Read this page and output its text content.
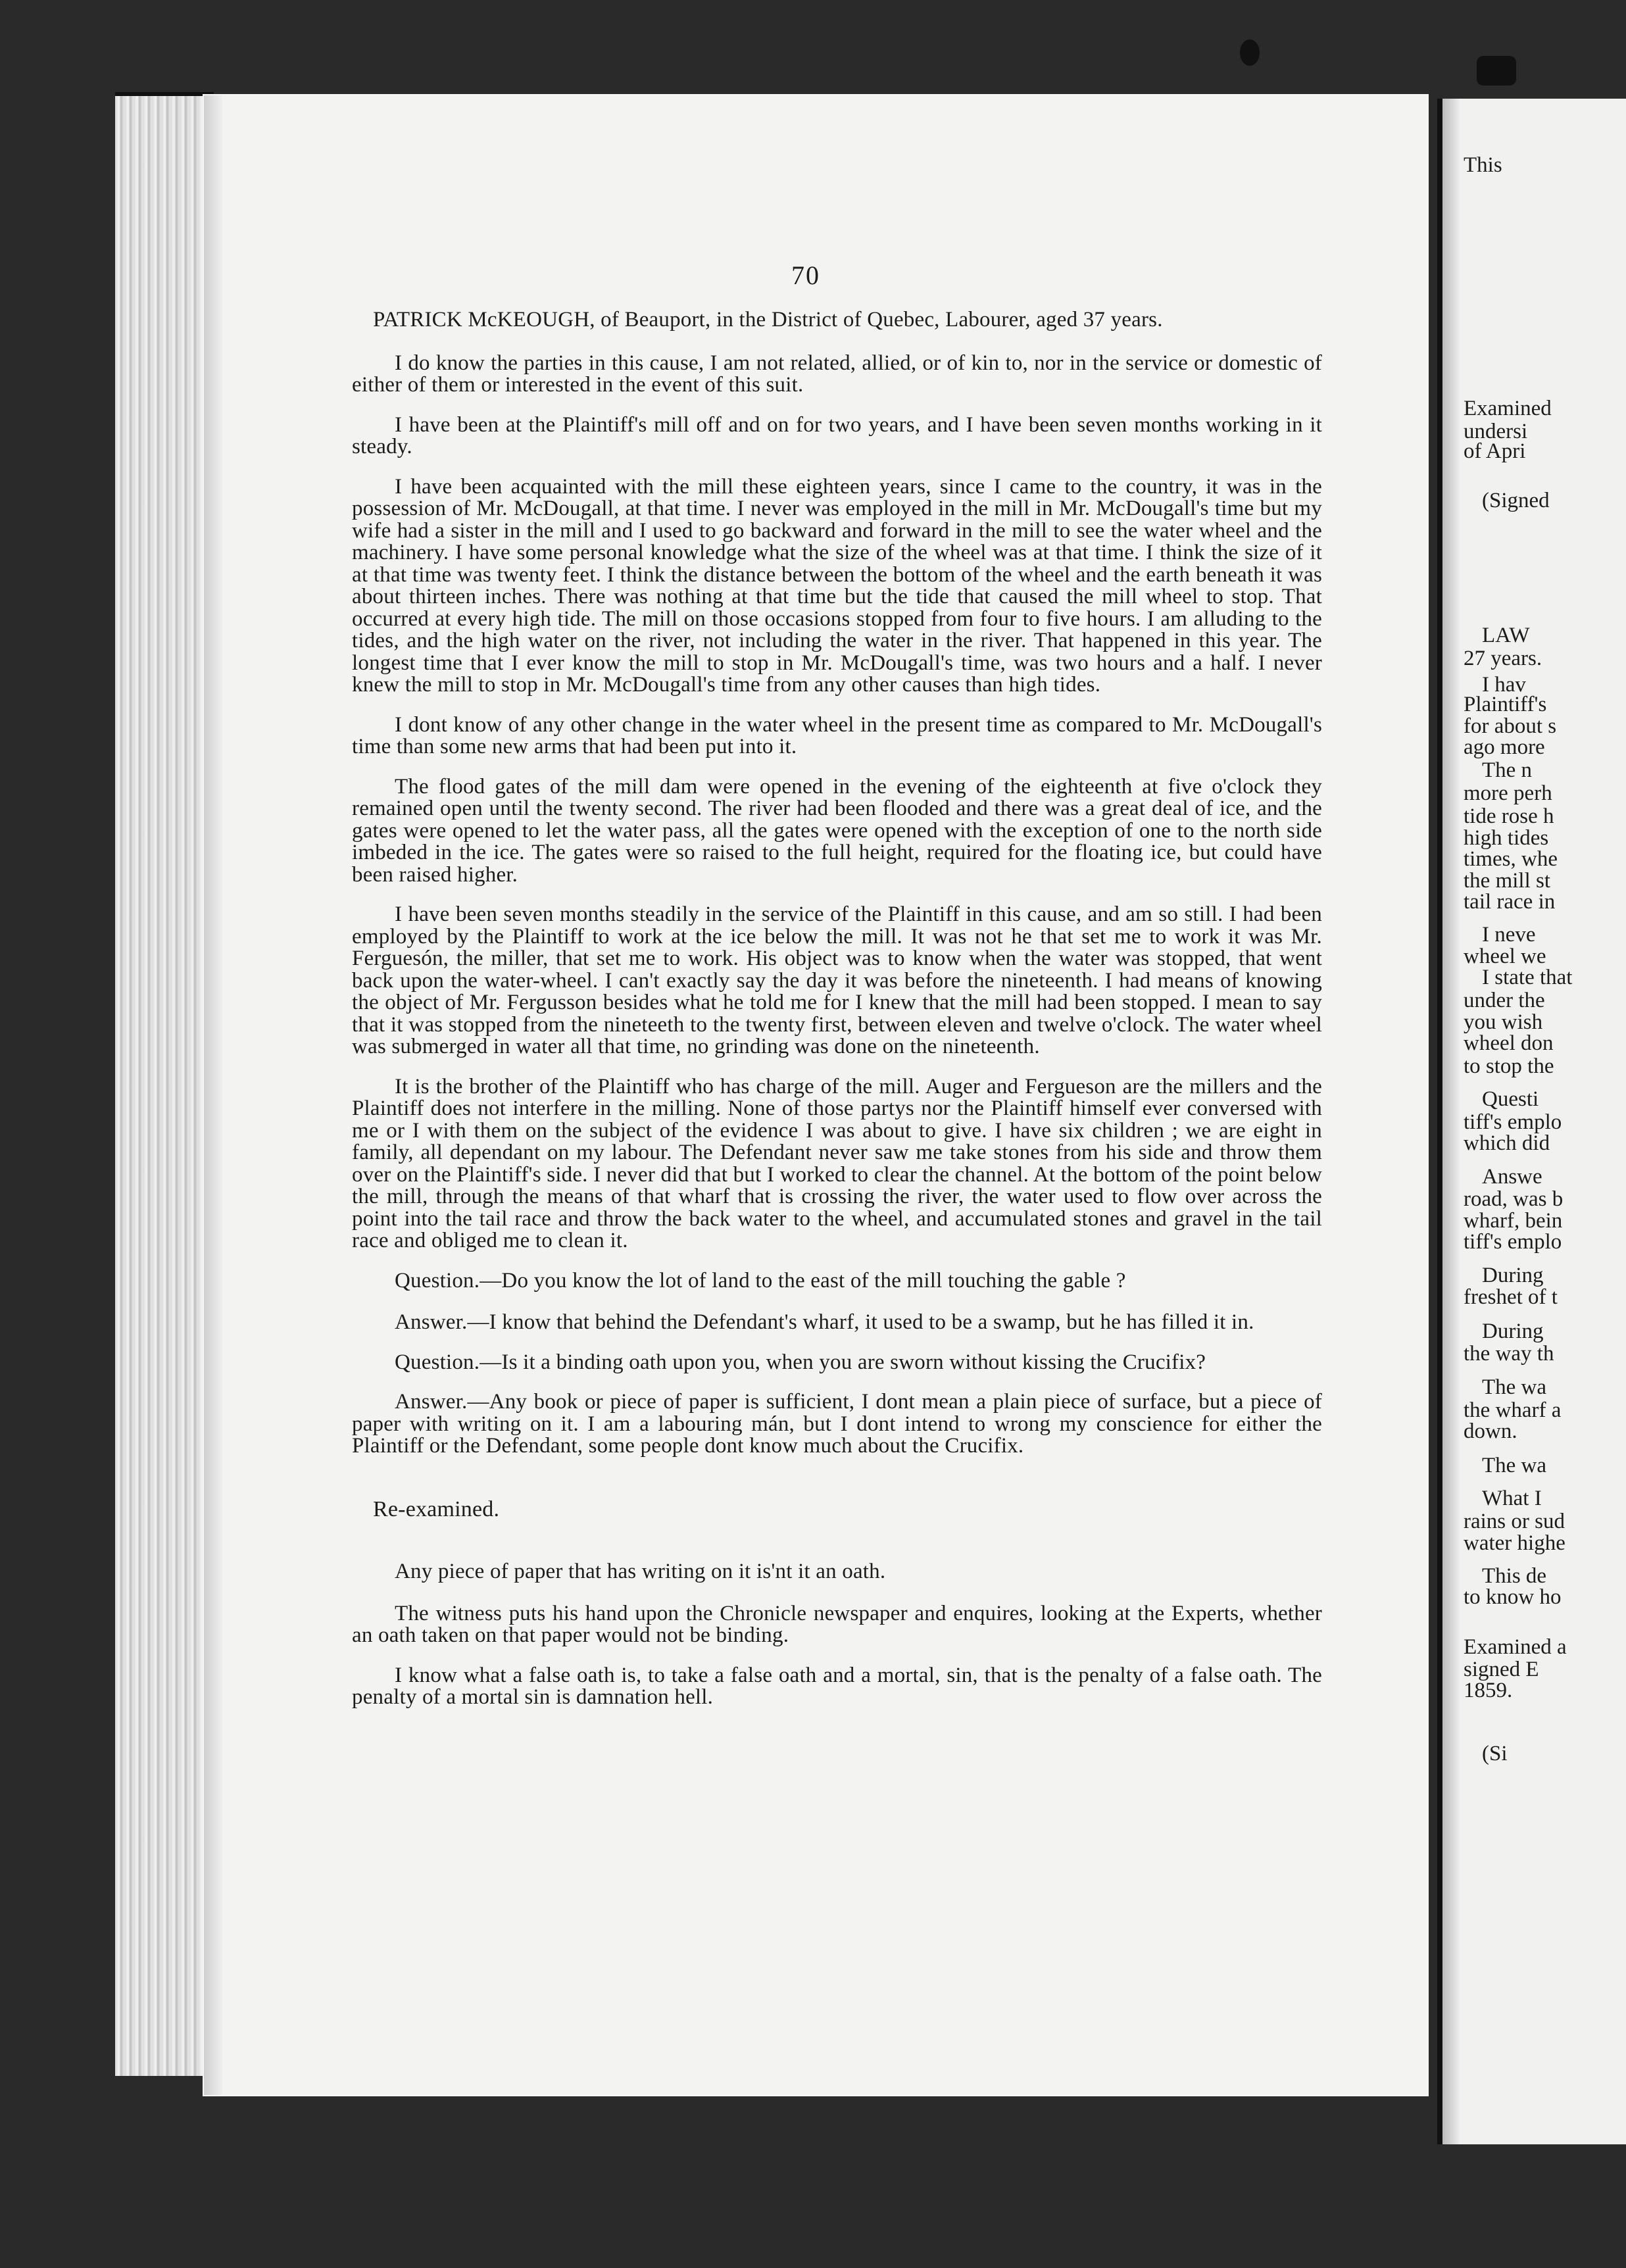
This
Examined
undersi
of Apri
(Signed
LAW
27 years.
I hav
Plaintiff's
for about s
ago more
The n
more perh
tide rose h
high tides
times, whe
the mill st
tail race in
I neve
wheel we
I state that
under the
you wish
wheel don
to stop the
Questi
tiff's emplo
which did
Answe
road, was b
wharf, bein
tiff's emplo
During
freshet of t
During
the way th
The wa
the wharf a
down.
The wa
What I
rains or sud
water highe
This de
to know ho
Examined a
signed E
1859.
(Si
70

PATRICK McKEOUGH, of Beauport, in the District of Quebec, Labourer, aged 37 years.

I do know the parties in this cause, I am not related, allied, or of kin to, nor in the service or domestic of either of them or interested in the event of this suit.

I have been at the Plaintiff's mill off and on for two years, and I have been seven months working in it steady.

I have been acquainted with the mill these eighteen years, since I came to the country, it was in the possession of Mr. McDougall, at that time. I never was employed in the mill in Mr. McDougall's time but my wife had a sister in the mill and I used to go backward and forward in the mill to see the water wheel and the machinery. I have some personal knowledge what the size of the wheel was at that time. I think the size of it at that time was twenty feet. I think the distance between the bottom of the wheel and the earth beneath it was about thirteen inches. There was nothing at that time but the tide that caused the mill wheel to stop. That occurred at every high tide. The mill on those occasions stopped from four to five hours. I am alluding to the tides, and the high water on the river, not including the water in the river. That happened in this year. The longest time that I ever know the mill to stop in Mr. McDougall's time, was two hours and a half. I never knew the mill to stop in Mr. McDougall's time from any other causes than high tides.

I dont know of any other change in the water wheel in the present time as compared to Mr. McDougall's time than some new arms that had been put into it.

The flood gates of the mill dam were opened in the evening of the eighteenth at five o'clock they remained open until the twenty second. The river had been flooded and there was a great deal of ice, and the gates were opened to let the water pass, all the gates were opened with the exception of one to the north side imbeded in the ice. The gates were so raised to the full height, required for the floating ice, but could have been raised higher.

I have been seven months steadily in the service of the Plaintiff in this cause, and am so still. I had been employed by the Plaintiff to work at the ice below the mill. It was not he that set me to work it was Mr. Ferguesón, the miller, that set me to work. His object was to know when the water was stopped, that went back upon the water-wheel. I can't exactly say the day it was before the nineteenth. I had means of knowing the object of Mr. Fergusson besides what he told me for I knew that the mill had been stopped. I mean to say that it was stopped from the nineteeth to the twenty first, between eleven and twelve o'clock. The water wheel was submerged in water all that time, no grinding was done on the nineteenth.

It is the brother of the Plaintiff who has charge of the mill. Auger and Fergueson are the millers and the Plaintiff does not interfere in the milling. None of those partys nor the Plaintiff himself ever conversed with me or I with them on the subject of the evidence I was about to give. I have six children ; we are eight in family, all dependant on my labour. The Defendant never saw me take stones from his side and throw them over on the Plaintiff's side. I never did that but I worked to clear the channel. At the bottom of the point below the mill, through the means of that wharf that is crossing the river, the water used to flow over across the point into the tail race and throw the back water to the wheel, and accumulated stones and gravel in the tail race and obliged me to clean it.

Question.—Do you know the lot of land to the east of the mill touching the gable ?

Answer.—I know that behind the Defendant's wharf, it used to be a swamp, but he has filled it in.

Question.—Is it a binding oath upon you, when you are sworn without kissing the Crucifix?

Answer.—Any book or piece of paper is sufficient, I dont mean a plain piece of surface, but a piece of paper with writing on it. I am a labouring mán, but I dont intend to wrong my conscience for either the Plaintiff or the Defendant, some people dont know much about the Crucifix.

Re-examined.

Any piece of paper that has writing on it is'nt it an oath.

The witness puts his hand upon the Chronicle newspaper and enquires, looking at the Experts, whether an oath taken on that paper would not be binding.

I know what a false oath is, to take a false oath and a mortal, sin, that is the penalty of a false oath. The penalty of a mortal sin is damnation hell.
